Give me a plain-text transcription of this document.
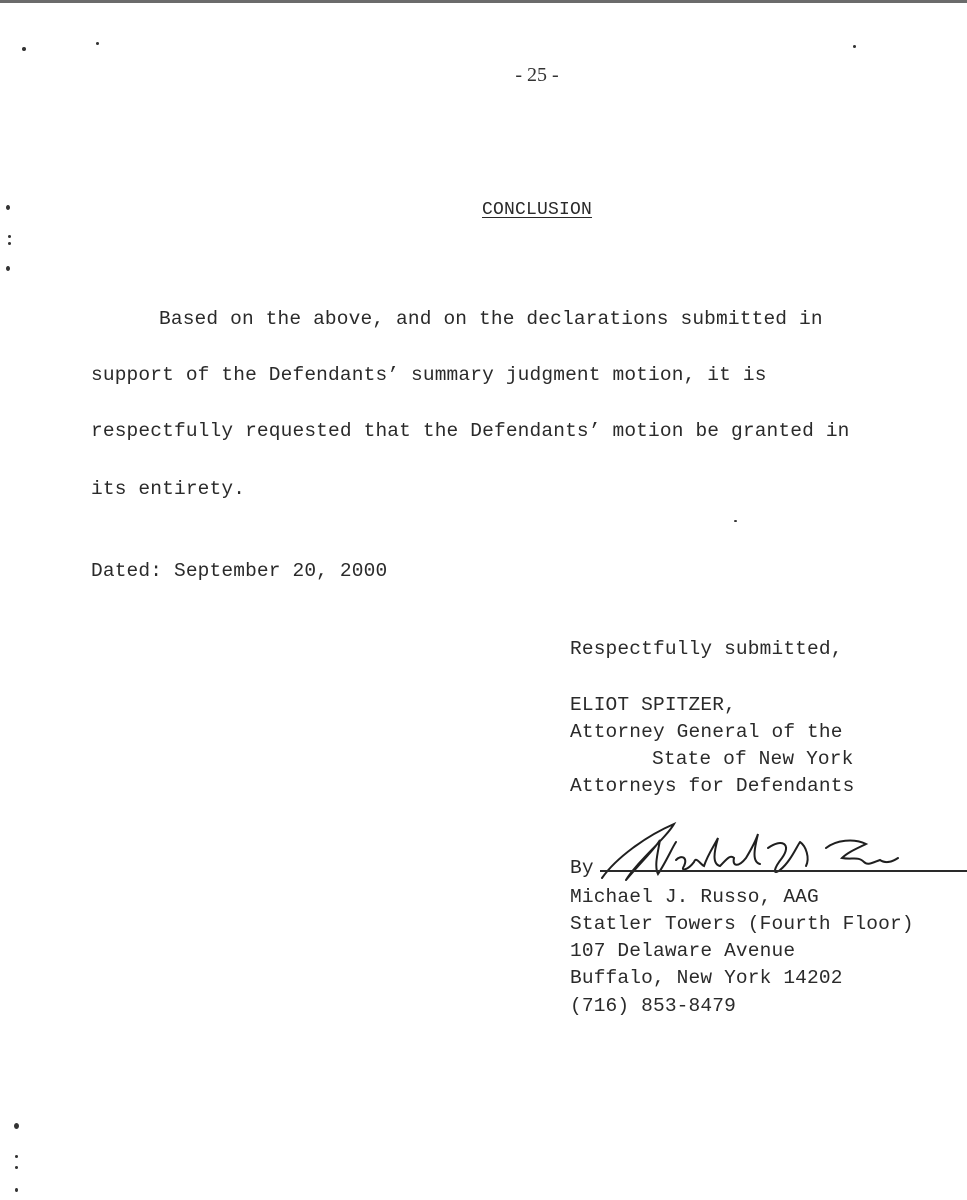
- 25 -
CONCLUSION
Based on the above, and on the declarations submitted in
support of the Defendants’ summary judgment motion, it is
respectfully requested that the Defendants’ motion be granted in
its entirety.
Dated: September 20, 2000
Respectfully submitted,
ELIOT SPITZER,
Attorney General of the
State of New York
Attorneys for Defendants
By
Michael J. Russo, AAG
Statler Towers (Fourth Floor)
107 Delaware Avenue
Buffalo, New York 14202
(716) 853-8479
